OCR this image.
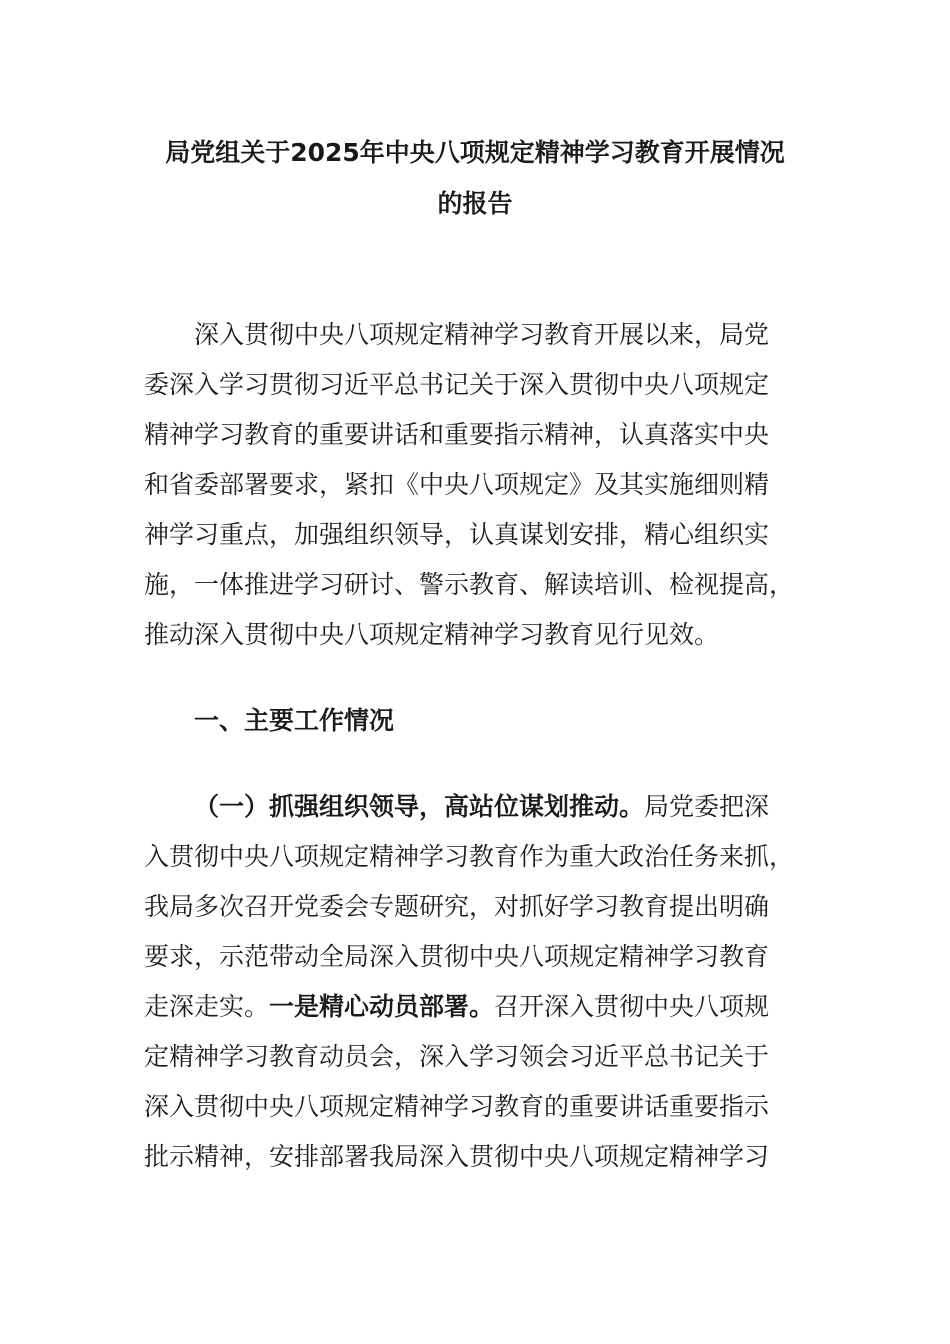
局党组关于2025年中央八项规定精神学习教育开展情况
的报告

深入贯彻中央八项规定精神学习教育开展以来，局党

委深入学习贯彻习近平总书记关于深入贯彻中央八项规定

精神学习教育的重要讲话和重要指示精神，认真落实中央

和省委部署要求，紧扣《中央八项规定》及其实施细则精

神学习重点，加强组织领导，认真谋划安排，精心组织实

施，一体推进学习研讨、警示教育、解读培训、检视提高，

推动深入贯彻中央八项规定精神学习教育见行见效。

一、主要工作情况

（一）抓强组织领导，高站位谋划推动。局党委把深

入贯彻中央八项规定精神学习教育作为重大政治任务来抓，

我局多次召开党委会专题研究，对抓好学习教育提出明确

要求，示范带动全局深入贯彻中央八项规定精神学习教育

走深走实。一是精心动员部署。召开深入贯彻中央八项规

定精神学习教育动员会，深入学习领会习近平总书记关于

深入贯彻中央八项规定精神学习教育的重要讲话重要指示

批示精神，安排部署我局深入贯彻中央八项规定精神学习
